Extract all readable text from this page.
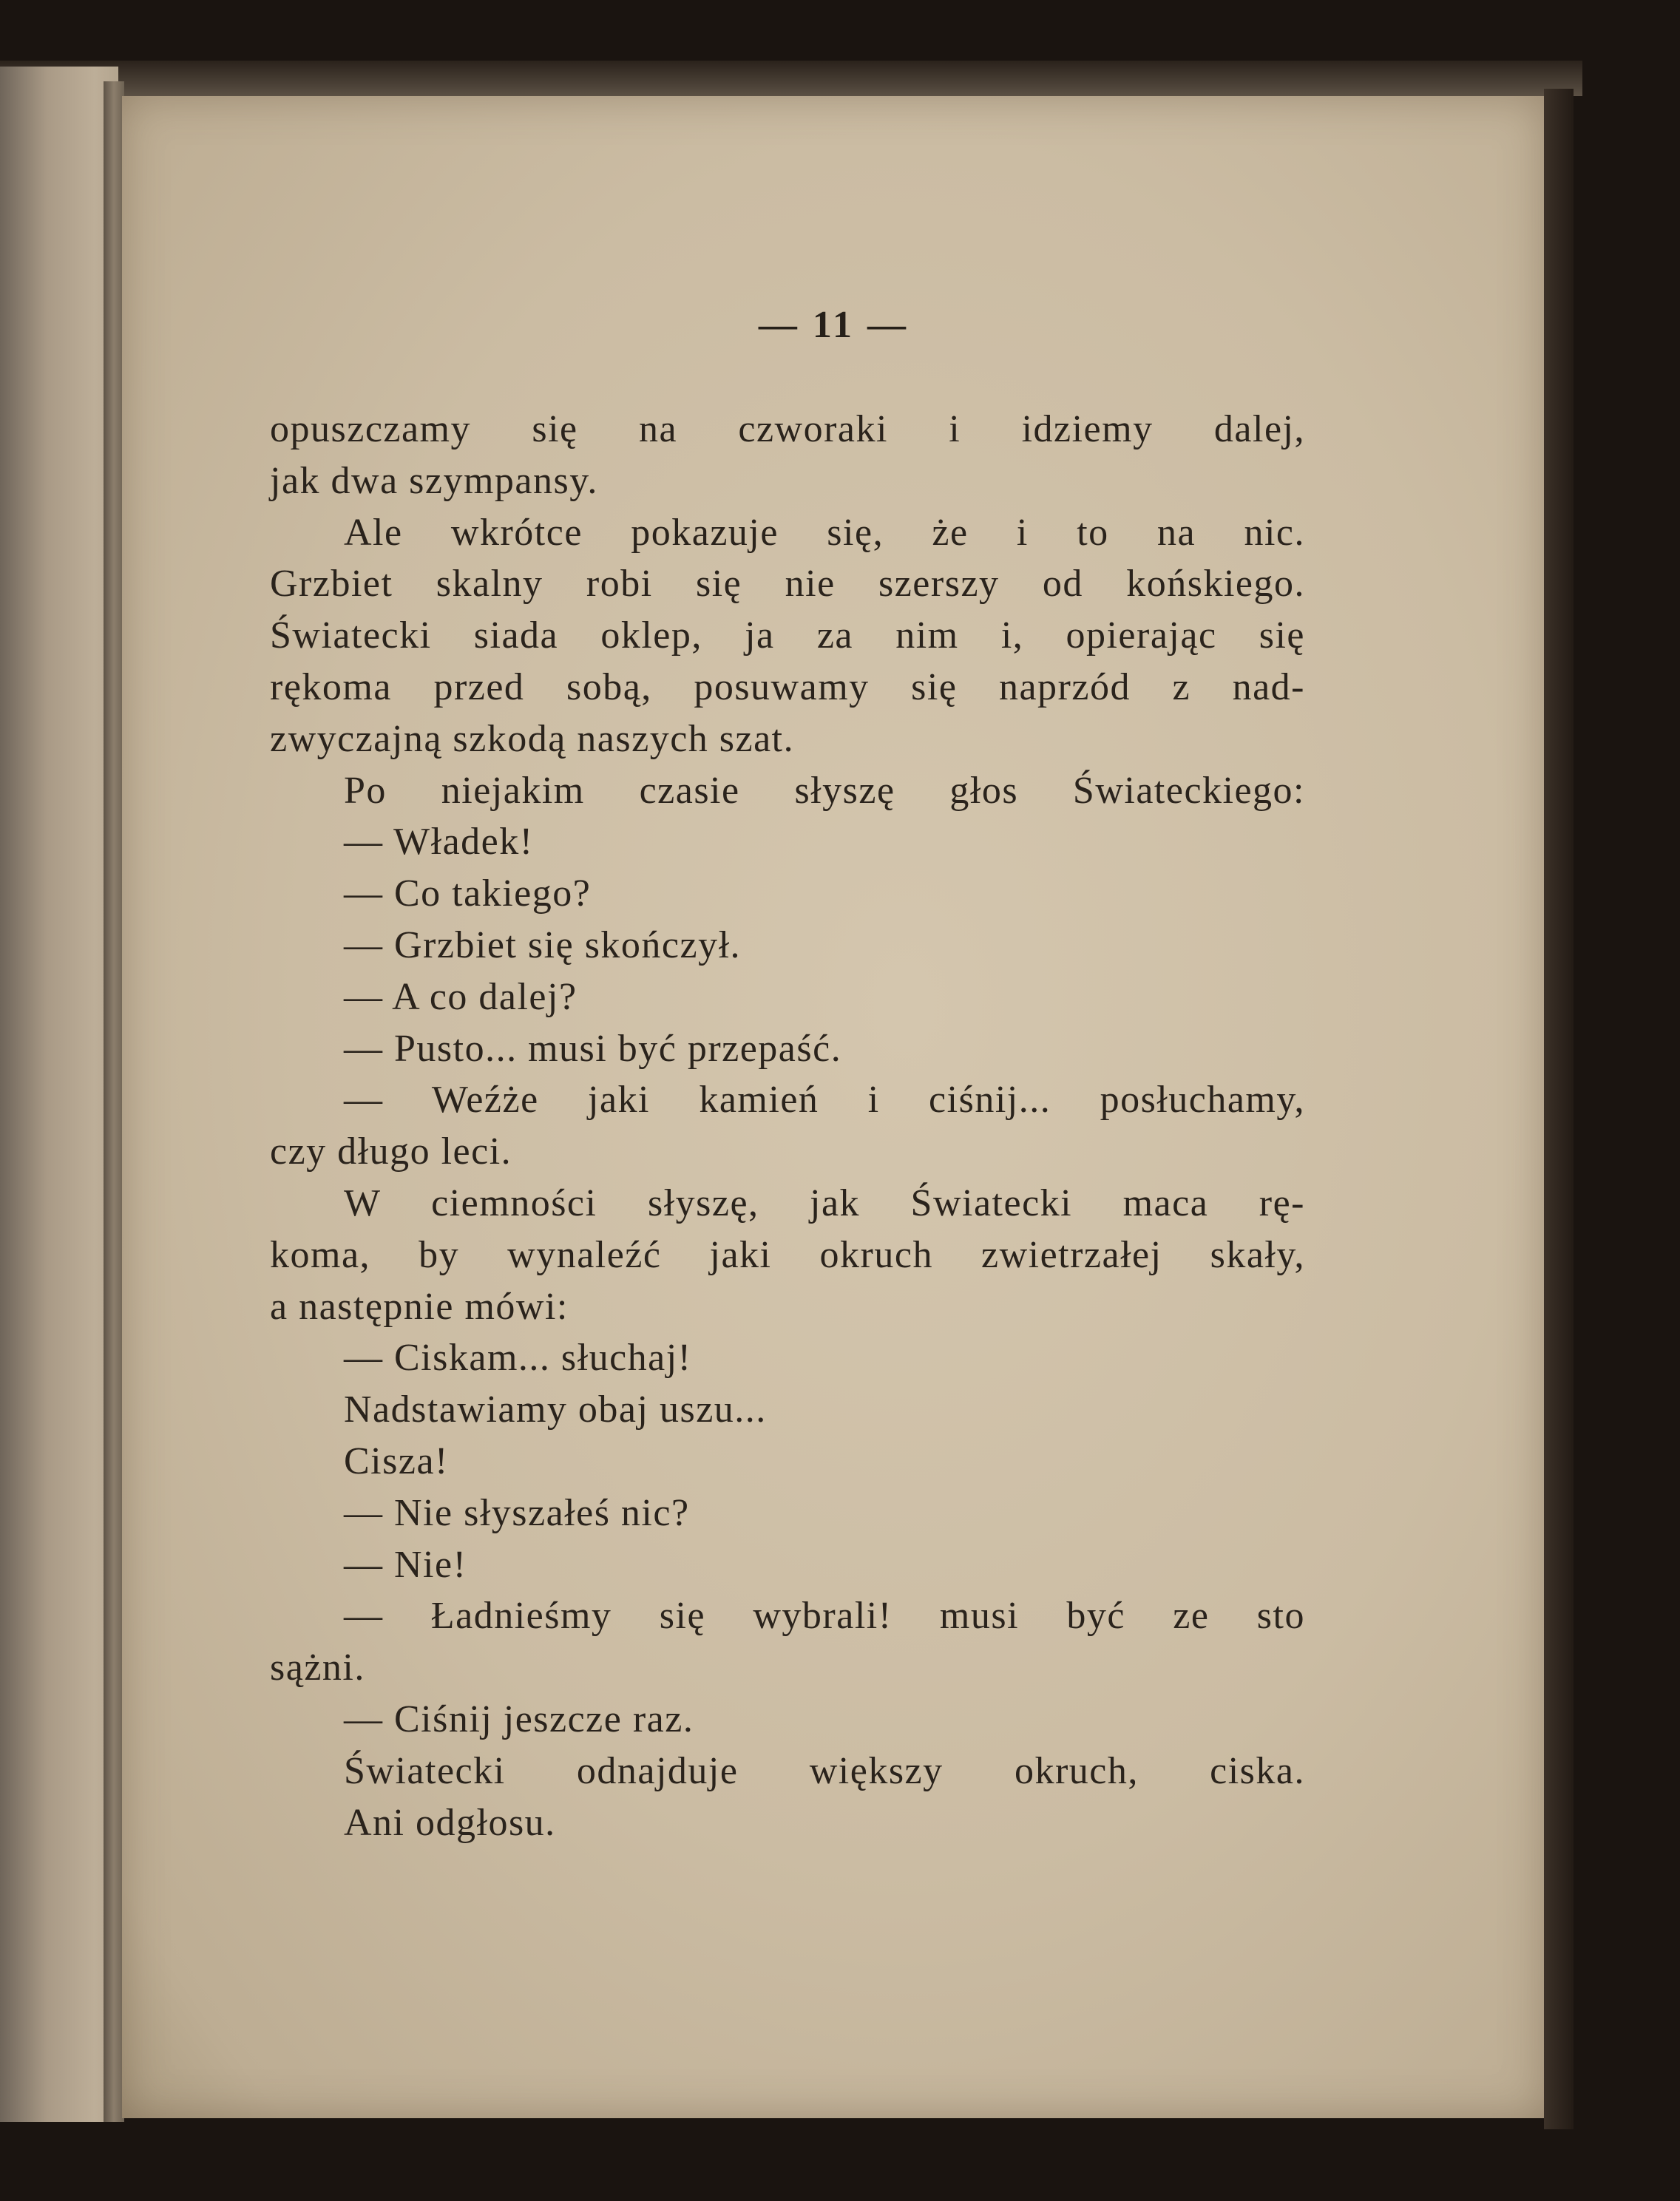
— 11 —
opuszczamy się na czworaki i idziemy dalej,
jak dwa szympansy.
Ale wkrótce pokazuje się, że i to na nic.
Grzbiet skalny robi się nie szerszy od końskiego.
Światecki siada oklep, ja za nim i, opierając się
rękoma przed sobą, posuwamy się naprzód z nad-
zwyczajną szkodą naszych szat.
Po niejakim czasie słyszę głos Świateckiego:
— Władek!
— Co takiego?
— Grzbiet się skończył.
— A co dalej?
— Pusto... musi być przepaść.
— Weźże jaki kamień i ciśnij... posłuchamy,
czy długo leci.
W ciemności słyszę, jak Światecki maca rę-
koma, by wynaleźć jaki okruch zwietrzałej skały,
a następnie mówi:
— Ciskam... słuchaj!
Nadstawiamy obaj uszu...
Cisza!
— Nie słyszałeś nic?
— Nie!
— Ładnieśmy się wybrali! musi być ze sto
sążni.
— Ciśnij jeszcze raz.
Światecki odnajduje większy okruch, ciska.
Ani odgłosu.
